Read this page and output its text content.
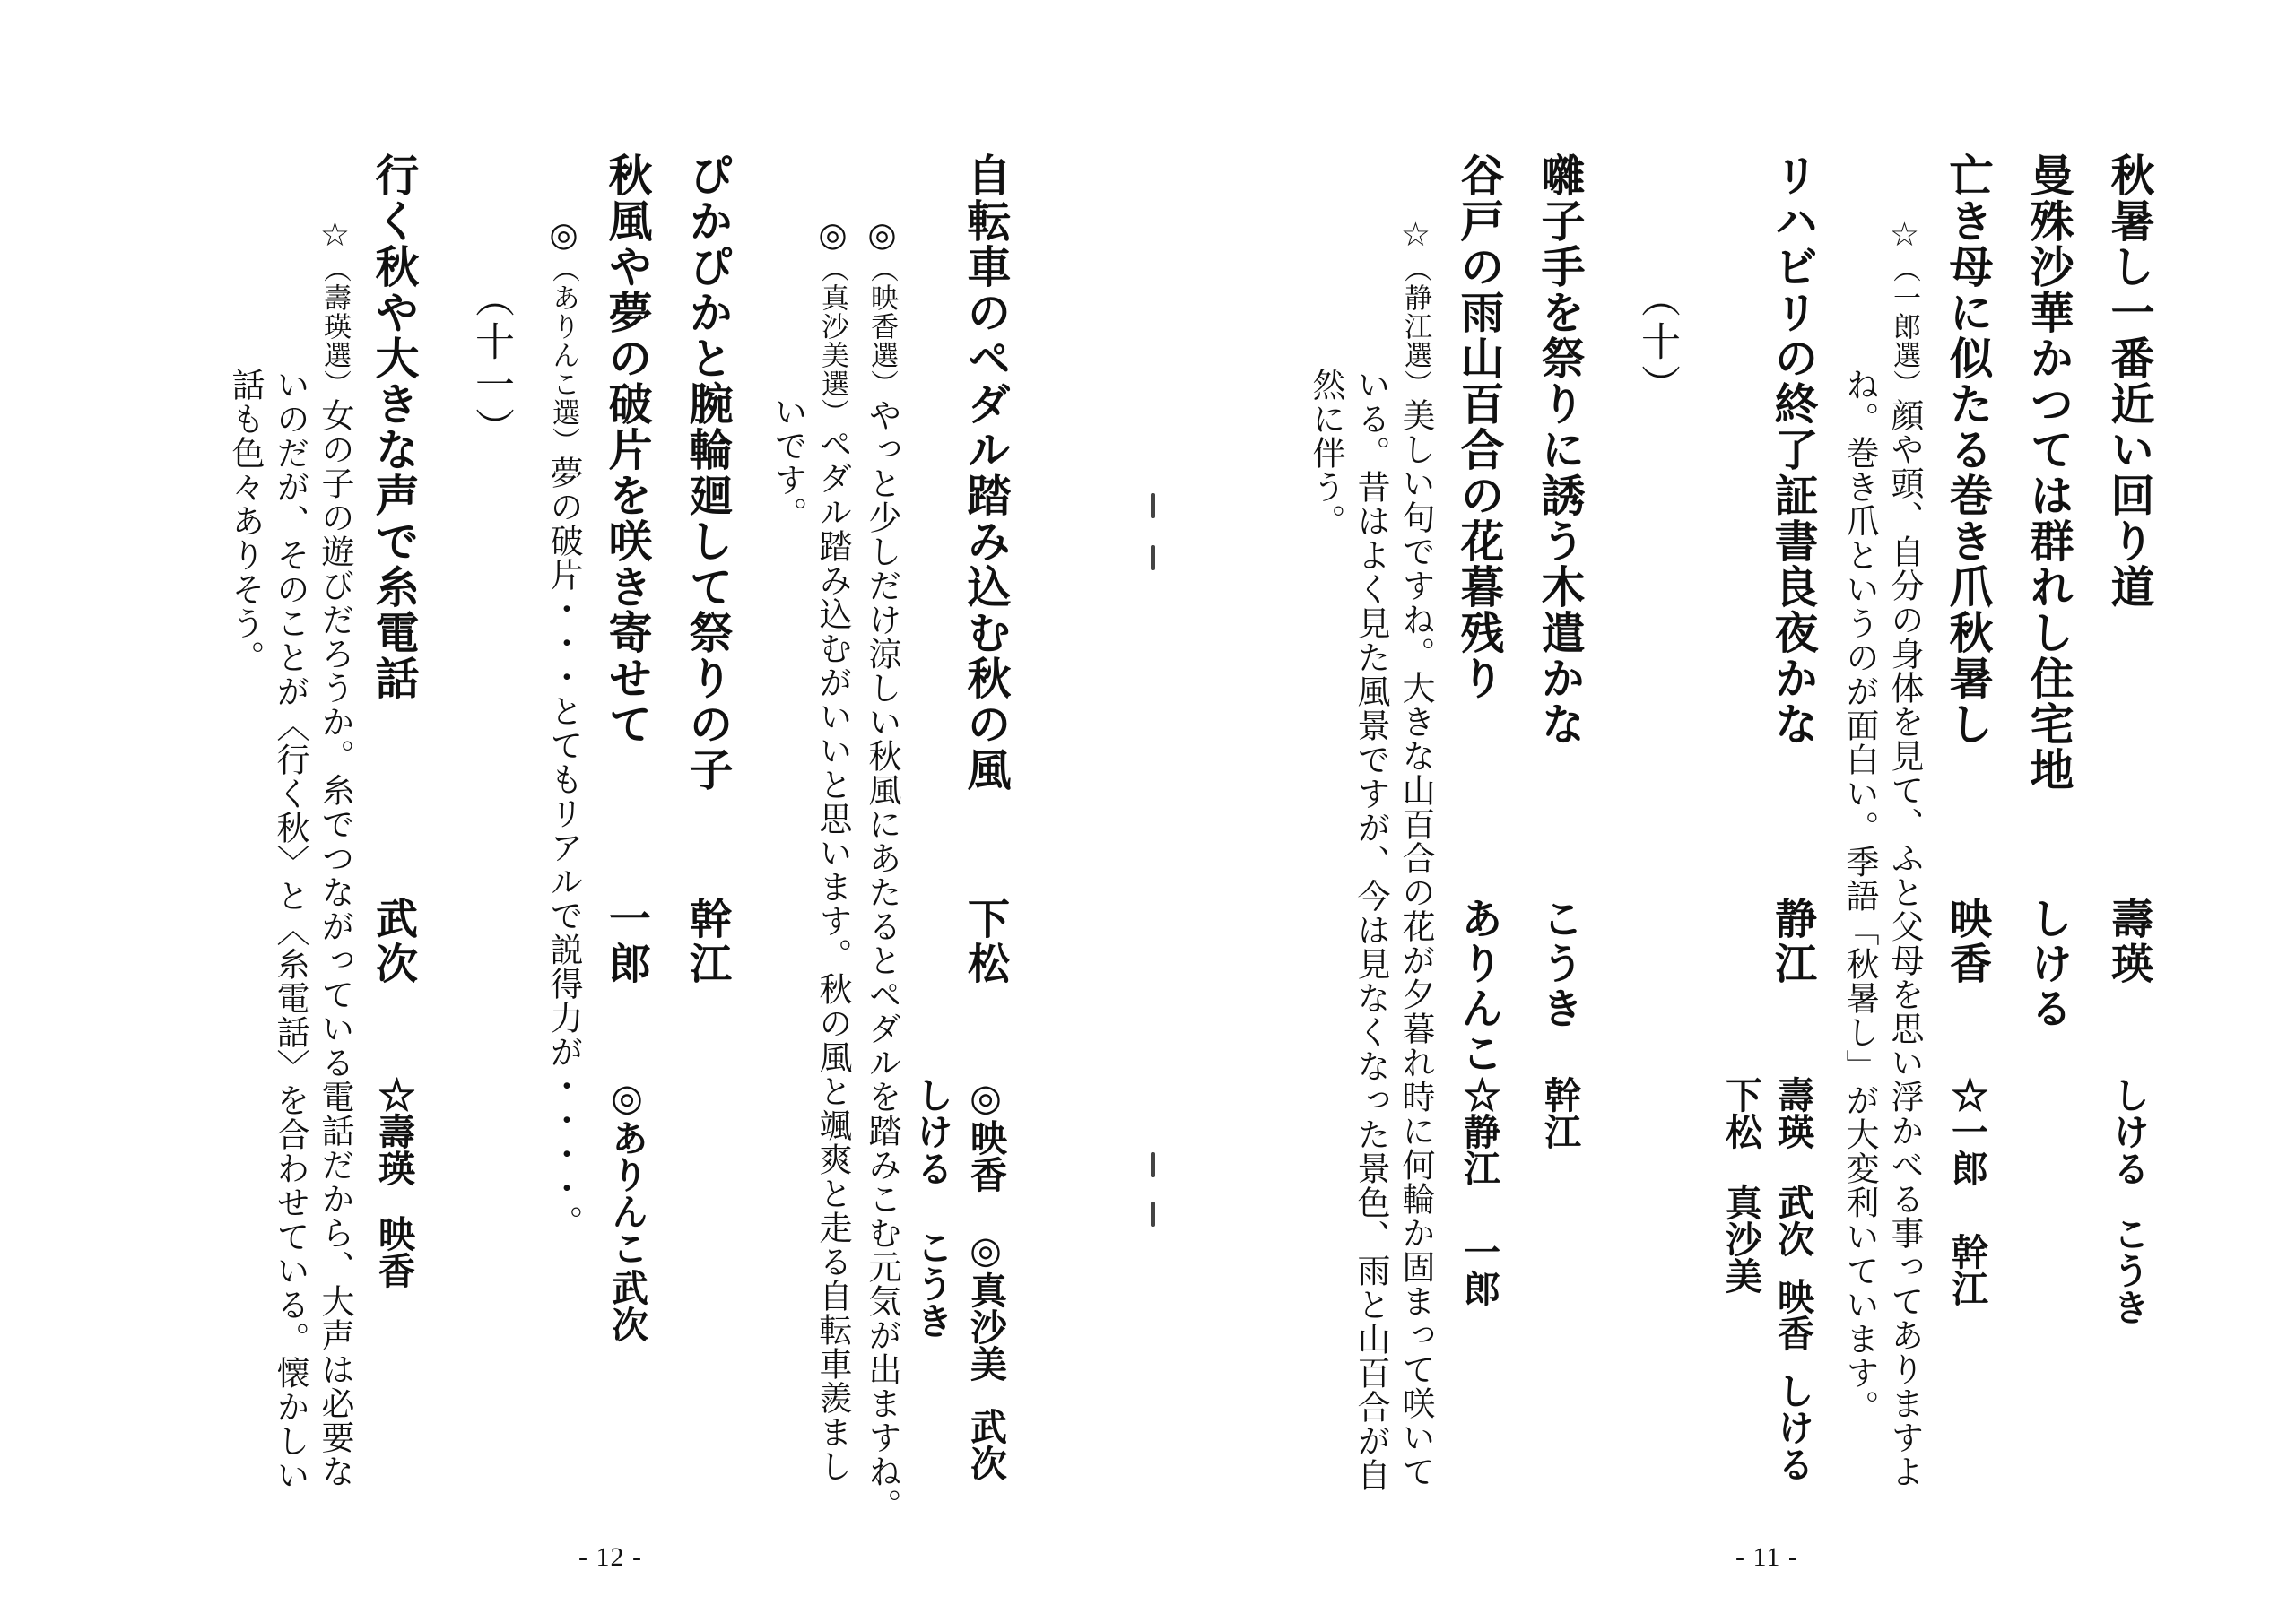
秋暑し一番近い回り道
壽瑛
しける
こうき
曼殊沙華かつては群れし住宅地
しける
亡き母に似たる巻き爪秋暑し
映香
☆一郎
幹江
☆（一郎選）顔や頭、自分の身体を見て、ふと父母を思い浮かべる事ってありますよ
ね。巻き爪というのが面白い。季語「秋暑し」が大変利いています。
リハビリの終了証書良夜かな
静江
壽瑛
武次
映香
しける
下松
真沙美
（十）
囃子手を祭りに誘う木遣かな
こうき
幹江
谷戸の雨山百合の花暮残り
ありんこ
☆静江
一郎
☆（静江選）美しい句ですね。大きな山百合の花が夕暮れ時に何輪か固まって咲いて
いる。昔はよく見た風景ですが、今は見なくなった景色、雨と山百合が自
然に伴う。
- 11 -
自転車のペダル踏み込む秋の風
下松
◎映香
◎真沙美
武次
しける
こうき
◎（映香選）やっと少しだけ涼しい秋風にあたるとペダルを踏みこむ元気が出ますね。
◎（真沙美選）ペダル踏み込むがいいと思います。秋の風と颯爽と走る自転車羨まし
いです。
ぴかぴかと腕輪廻して祭りの子
幹江
秋風や夢の破片を咲き寄せて
一郎
◎ありんこ
武次
◎（ありんこ選）夢の破片・・・とてもリアルで説得力が・・・・。
（十一）
行く秋や大きな声で糸電話
武次
☆壽瑛
映香
☆（壽瑛選）女の子の遊びだろうか。糸でつながっている電話だから、大声は必要な
いのだが、そのことが〈行く秋〉と〈糸電話〉を合わせている。懐かしい
話も色々ありそう。
- 12 -
